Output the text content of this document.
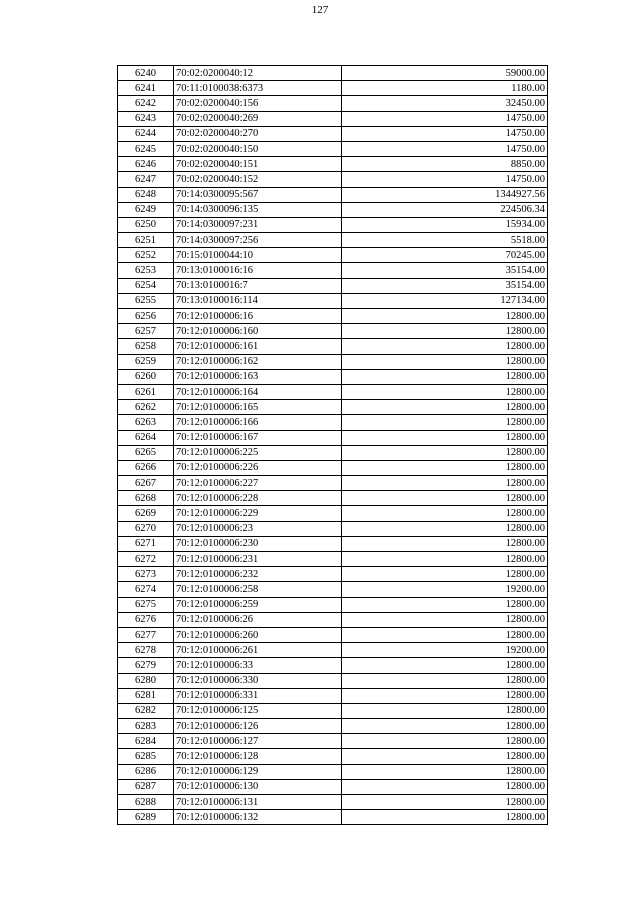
127
6240	70:02:0200040:12	59000.00
6241	70:11:0100038:6373	1180.00
6242	70:02:0200040:156	32450.00
6243	70:02:0200040:269	14750.00
6244	70:02:0200040:270	14750.00
6245	70:02:0200040:150	14750.00
6246	70:02:0200040:151	8850.00
6247	70:02:0200040:152	14750.00
6248	70:14:0300095:567	1344927.56
6249	70:14:0300096:135	224506.34
6250	70:14:0300097:231	15934.00
6251	70:14:0300097:256	5518.00
6252	70:15:0100044:10	70245.00
6253	70:13:0100016:16	35154.00
6254	70:13:0100016:7	35154.00
6255	70:13:0100016:114	127134.00
6256	70:12:0100006:16	12800.00
6257	70:12:0100006:160	12800.00
6258	70:12:0100006:161	12800.00
6259	70:12:0100006:162	12800.00
6260	70:12:0100006:163	12800.00
6261	70:12:0100006:164	12800.00
6262	70:12:0100006:165	12800.00
6263	70:12:0100006:166	12800.00
6264	70:12:0100006:167	12800.00
6265	70:12:0100006:225	12800.00
6266	70:12:0100006:226	12800.00
6267	70:12:0100006:227	12800.00
6268	70:12:0100006:228	12800.00
6269	70:12:0100006:229	12800.00
6270	70:12:0100006:23	12800.00
6271	70:12:0100006:230	12800.00
6272	70:12:0100006:231	12800.00
6273	70:12:0100006:232	12800.00
6274	70:12:0100006:258	19200.00
6275	70:12:0100006:259	12800.00
6276	70:12:0100006:26	12800.00
6277	70:12:0100006:260	12800.00
6278	70:12:0100006:261	19200.00
6279	70:12:0100006:33	12800.00
6280	70:12:0100006:330	12800.00
6281	70:12:0100006:331	12800.00
6282	70:12:0100006:125	12800.00
6283	70:12:0100006:126	12800.00
6284	70:12:0100006:127	12800.00
6285	70:12:0100006:128	12800.00
6286	70:12:0100006:129	12800.00
6287	70:12:0100006:130	12800.00
6288	70:12:0100006:131	12800.00
6289	70:12:0100006:132	12800.00
